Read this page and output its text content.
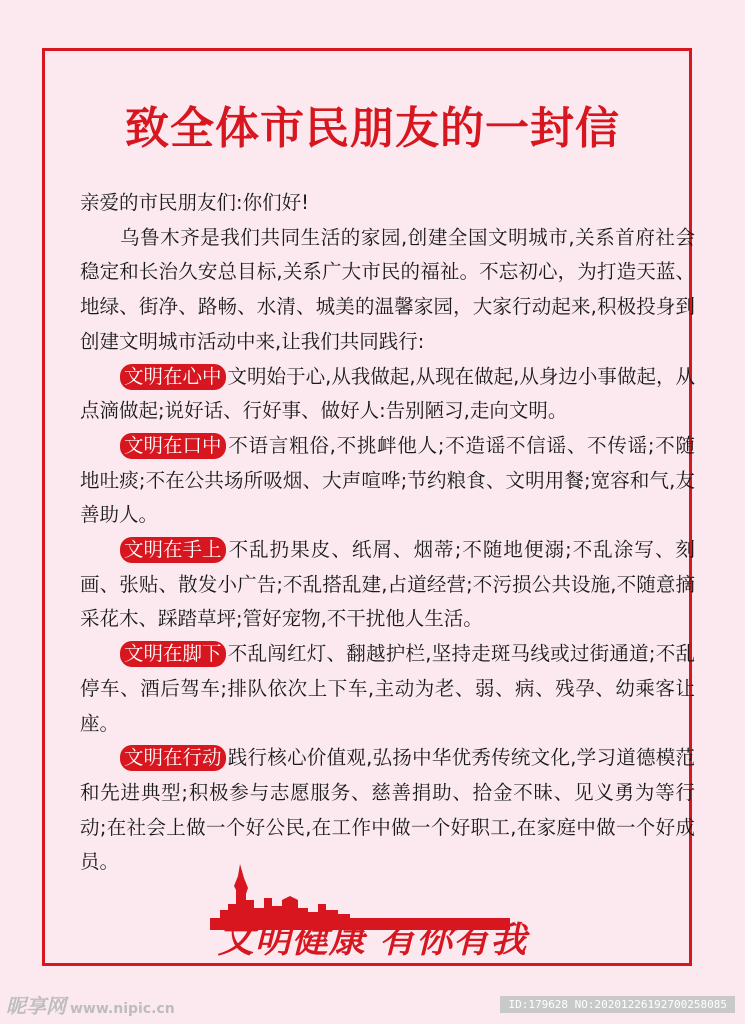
致全体市民朋友的一封信

亲爱的市民朋友们:你们好!

乌鲁木齐是我们共同生活的家园,创建全国文明城市,关系首府社会稳定和长治久安总目标,关系广大市民的福祉。不忘初心，为打造天蓝、地绿、街净、路畅、水清、城美的温馨家园，大家行动起来,积极投身到创建文明城市活动中来,让我们共同践行:

文明在心中 文明始于心,从我做起,从现在做起,从身边小事做起，从点滴做起;说好话、行好事、做好人:告别陋习,走向文明。

文明在口中 不语言粗俗,不挑衅他人;不造谣不信谣、不传谣;不随地吐痰;不在公共场所吸烟、大声喧哗;节约粮食、文明用餐;宽容和气,友善助人。

文明在手上 不乱扔果皮、纸屑、烟蒂;不随地便溺;不乱涂写、刻画、张贴、散发小广告;不乱搭乱建,占道经营;不污损公共设施,不随意摘采花木、踩踏草坪;管好宠物,不干扰他人生活。

文明在脚下 不乱闯红灯、翻越护栏,坚持走斑马线或过街通道;不乱停车、酒后驾车;排队依次上下车,主动为老、弱、病、残孕、幼乘客让座。

文明在行动 践行核心价值观,弘扬中华优秀传统文化,学习道德模范和先进典型;积极参与志愿服务、慈善捐助、拾金不昧、见义勇为等行动;在社会上做一个好公民,在工作中做一个好职工,在家庭中做一个好成员。

文明健康 有你有我
昵享网 www.nipic.cn	ID:179628 NO:20201226192700258085
